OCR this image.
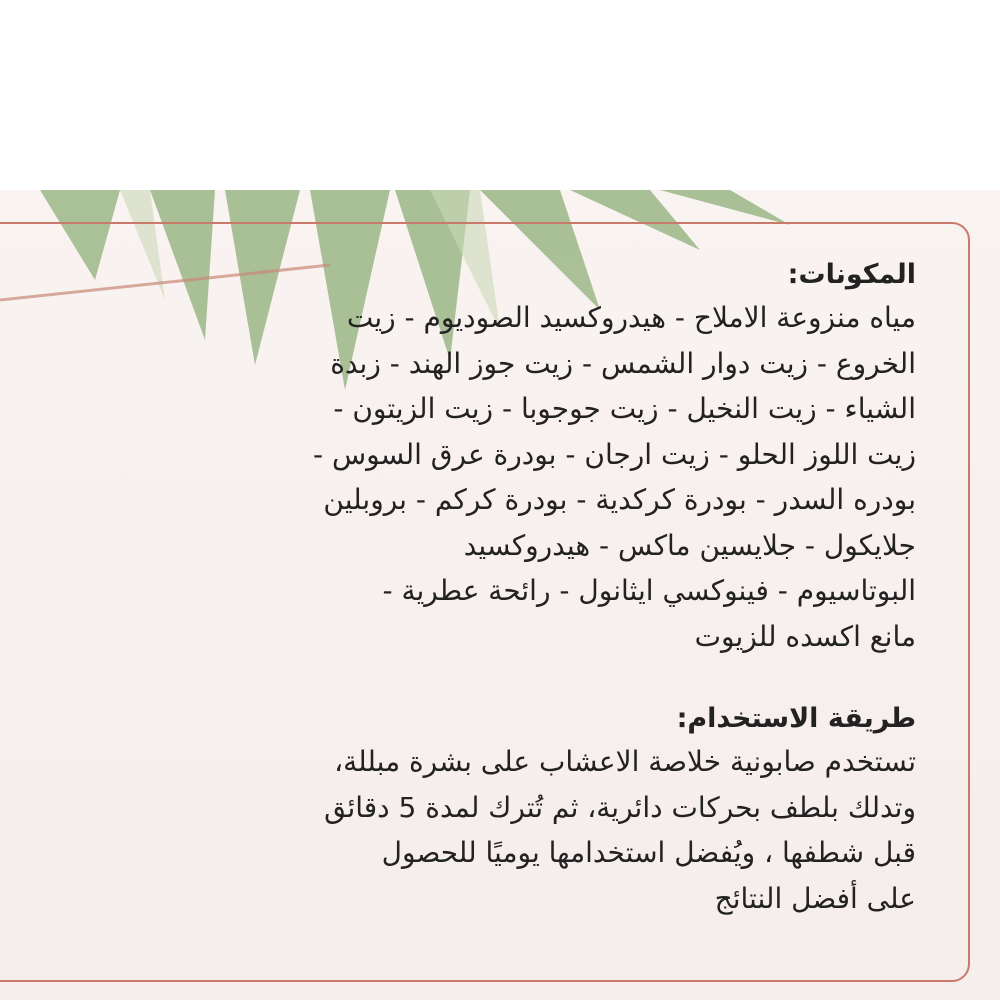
المكونات:

مياه منزوعة الاملاح - هيدروكسيد الصوديوم - زيت
الخروع - زيت دوار الشمس - زيت جوز الهند - زبدة
الشياء - زيت النخيل - زيت جوجوبا - زيت الزيتون -
زيت اللوز الحلو - زيت ارجان - بودرة عرق السوس -
بودره السدر - بودرة كركدية - بودرة كركم - بروبلين
جلايكول - جلايسين ماكس - هيدروكسيد
البوتاسيوم - فينوكسي ايثانول - رائحة عطرية -
مانع اكسده للزيوت

طريقة الاستخدام:

تستخدم صابونية خلاصة الاعشاب على بشرة مبللة،
وتدلك بلطف بحركات دائرية، ثم تُترك لمدة 5 دقائق
قبل شطفها ، ويُفضل استخدامها يوميًا للحصول
على أفضل النتائج
